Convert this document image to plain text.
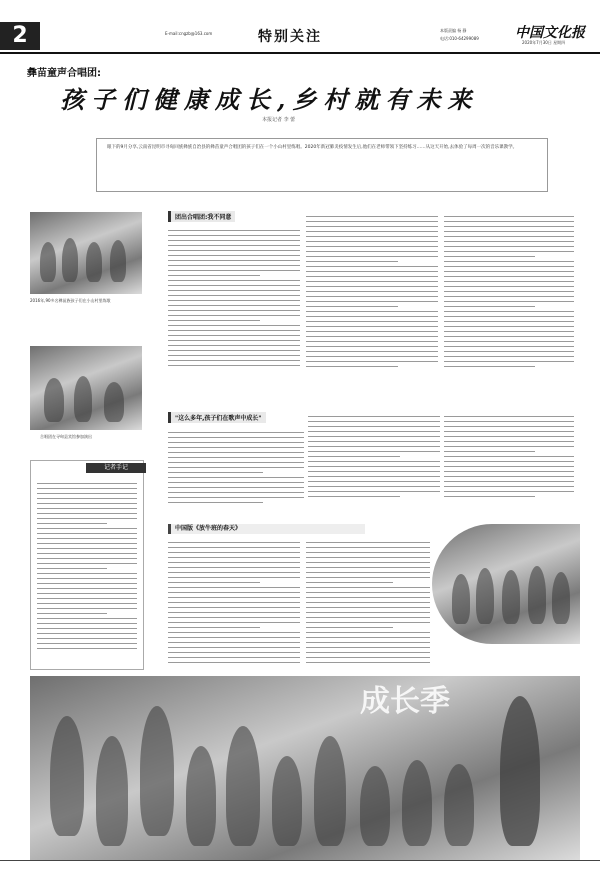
2	E-mail:cngzb@163.com	特别关注	本版责编 杨 静
电话:010-64299089	中国文化报
2020年7月30日 星期四
彝苗童声合唱团:
孩子们健康成长,乡村就有未来
本报记者 李 蕾
眼下的9月分享,云南省昆明市寻甸回族彝族自治县的彝苗童声合唱团的孩子们在一个小山村里练唱。2020年新冠肺炎疫情发生后,他们在老师带领下坚持练习……从这天开始,去体验了每周一次的音乐课教学。
2016年,90多名彝苗族孩子们在小山村里练歌
合唱团在寻甸县宾馆参加演出
记者手记
团出合唱团:我不同意
"这么多年,孩子们在歌声中成长"
中国版《放牛班的春天》
成长季
